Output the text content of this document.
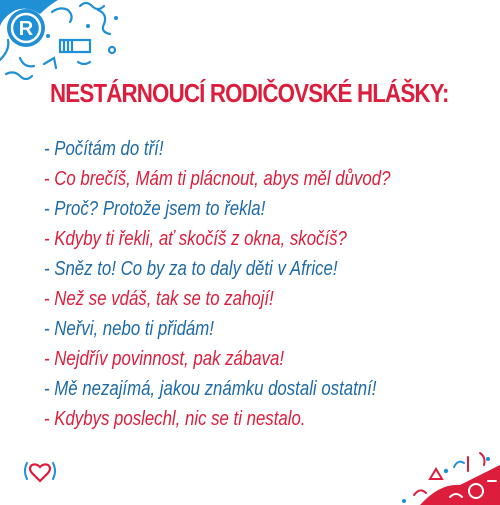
R
NESTÁRNOUCÍ RODIČOVSKÉ HLÁŠKY:
- Počítám do tří!
- Co brečíš, Mám ti plácnout, abys měl důvod?
- Proč? Protože jsem to řekla!
- Kdyby ti řekli, ať skočíš z okna, skočíš?
- Sněz to! Co by za to daly děti v Africe!
- Než se vdáš, tak se to zahojí!
- Neřvi, nebo ti přidám!
- Nejdřív povinnost, pak zábava!
- Mě nezajímá, jakou známku dostali ostatní!
- Kdybys poslechl, nic se ti nestalo.
